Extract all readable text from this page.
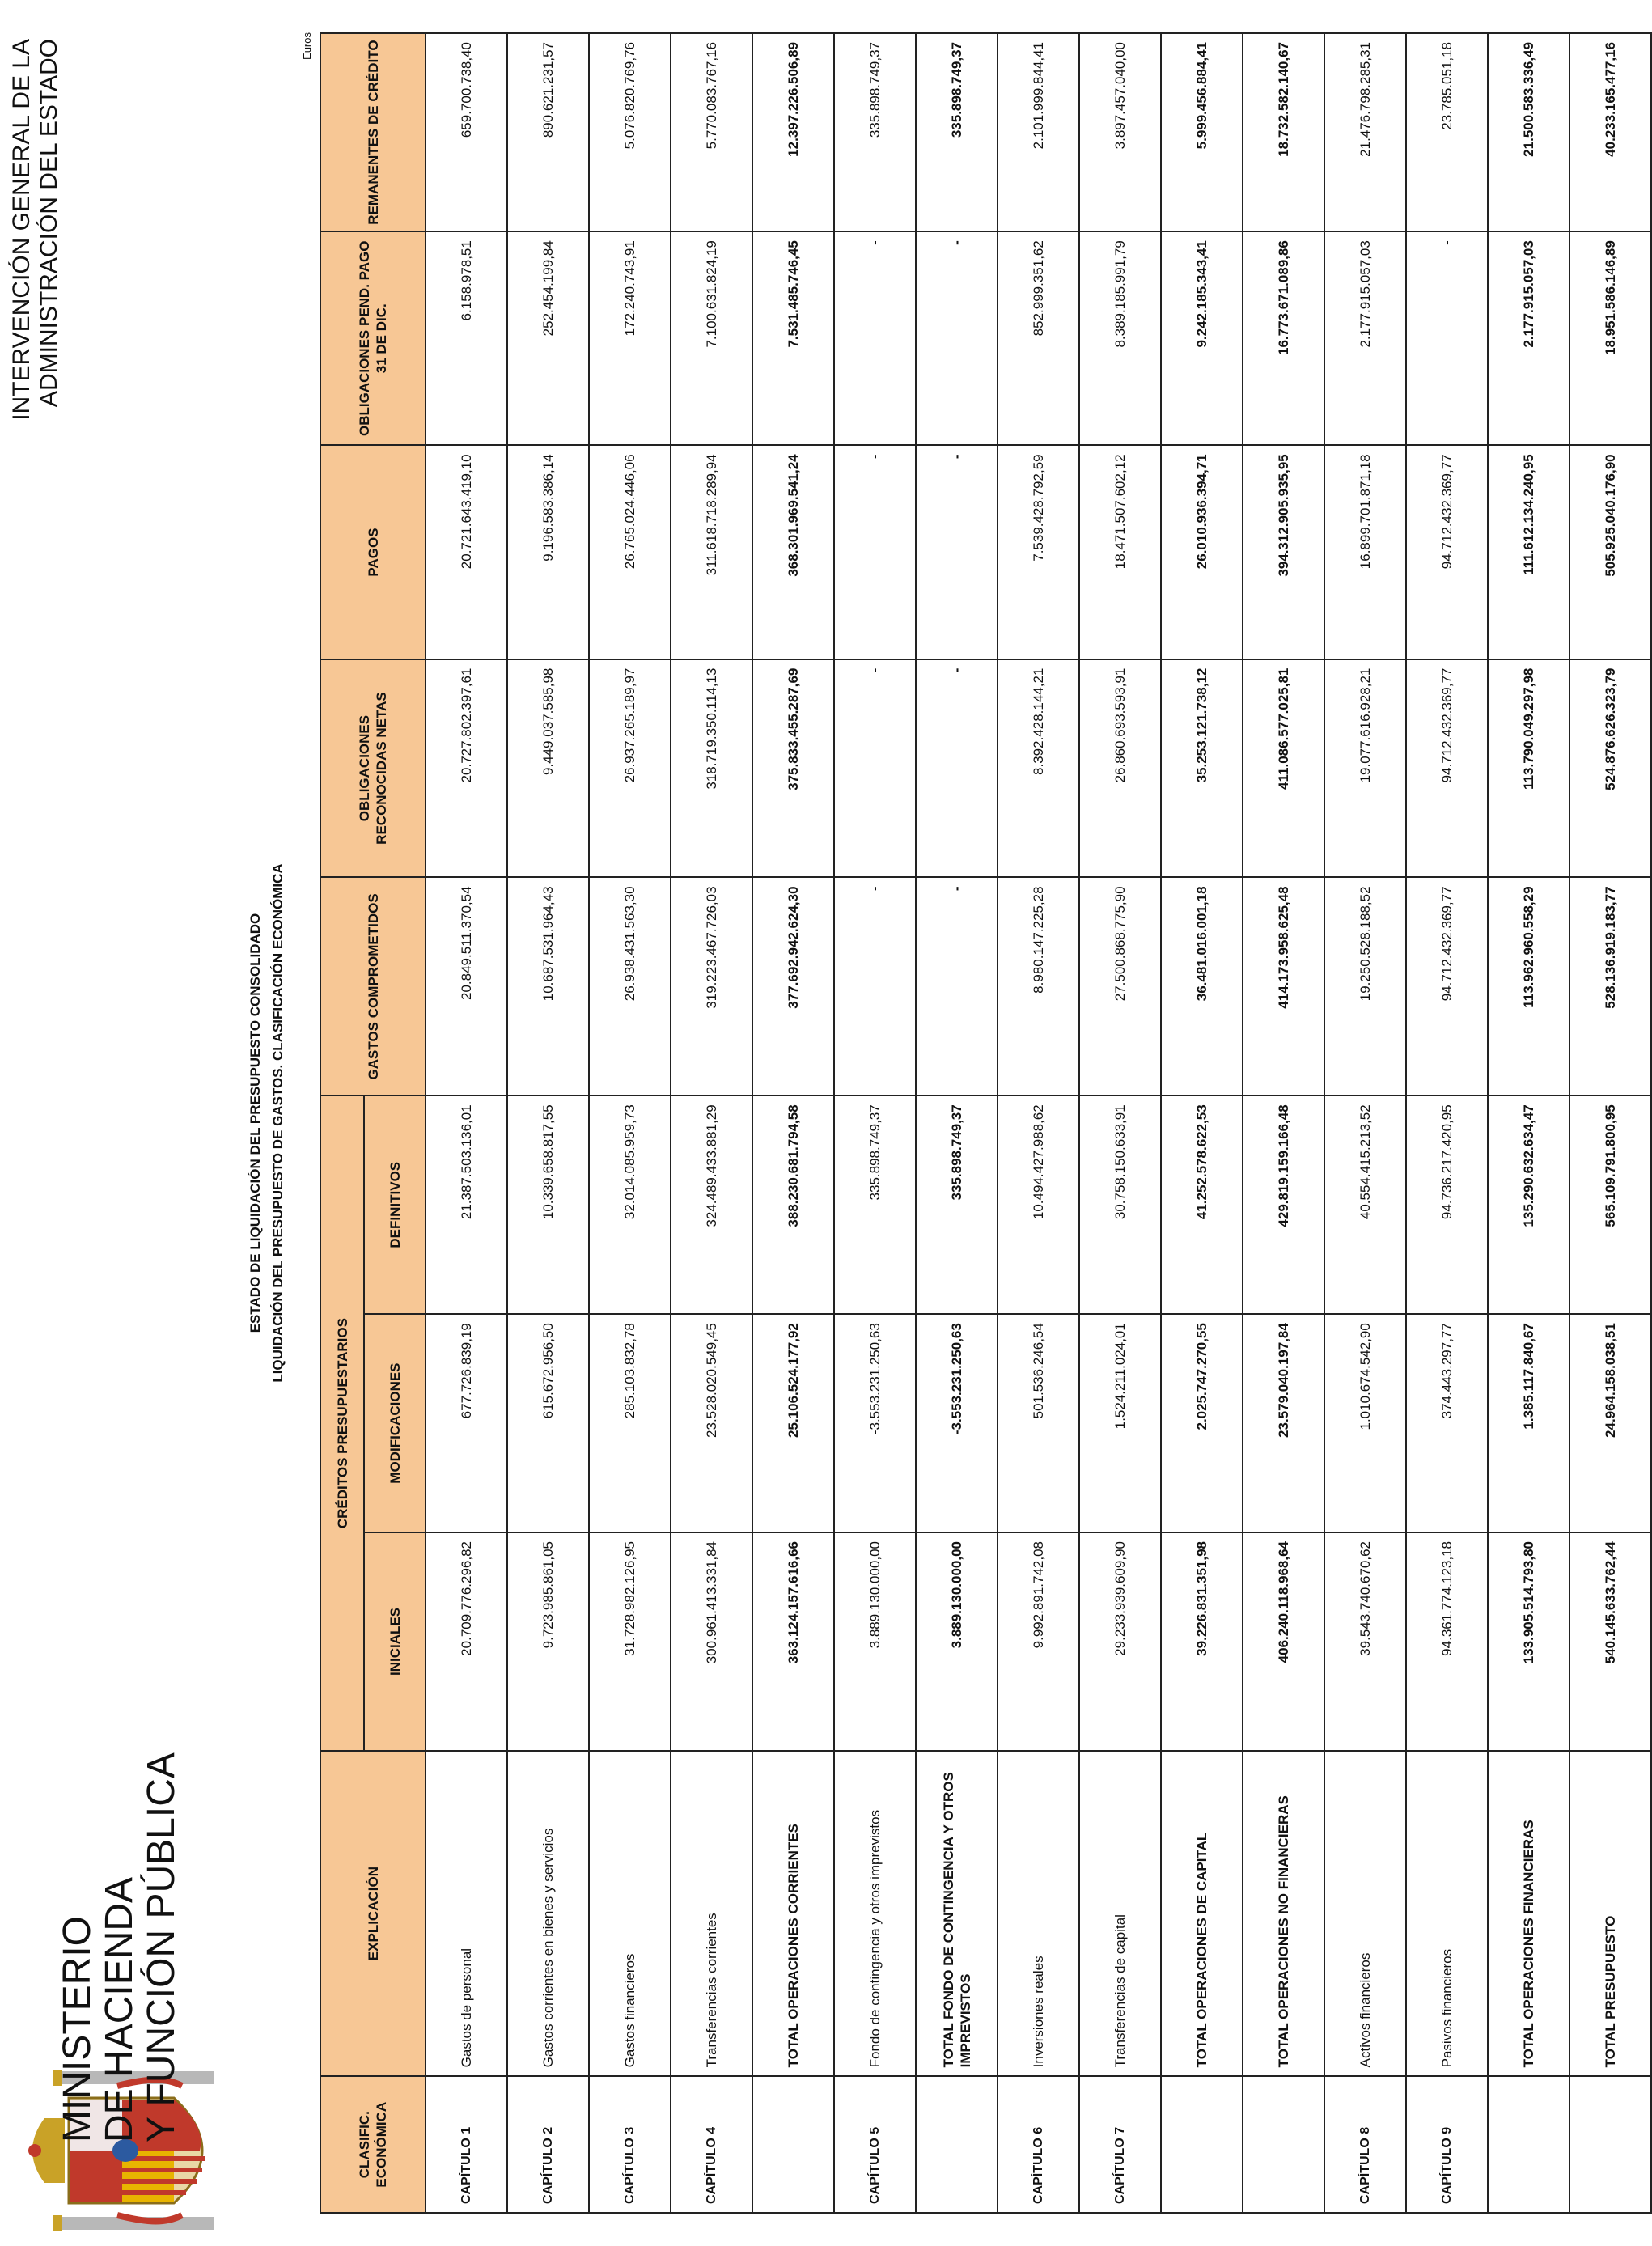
MINISTERIO DE HACIENDA Y FUNCIÓN PÚBLICA
INTERVENCIÓN GENERAL DE LA ADMINISTRACIÓN DEL ESTADO
ESTADO DE LIQUIDACIÓN DEL PRESUPUESTO CONSOLIDADO LIQUIDACIÓN DEL PRESUPUESTO DE GASTOS. CLASIFICACIÓN ECONÓMICA
Euros
CLASIFIC. ECONÓMICA	EXPLICACIÓN	CRÉDITOS PRESUPUESTARIOS			GASTOS COMPROMETIDOS	OBLIGACIONES RECONOCIDAS NETAS	PAGOS	OBLIGACIONES PEND. PAGO 31 DE DIC.	REMANENTES DE CRÉDITO
		INICIALES	MODIFICACIONES	DEFINITIVOS					
CAPÍTULO 1	Gastos de personal	20.709.776.296,82	677.726.839,19	21.387.503.136,01	20.849.511.370,54	20.727.802.397,61	20.721.643.419,10	6.158.978,51	659.700.738,40
CAPÍTULO 2	Gastos corrientes en bienes y servicios	9.723.985.861,05	615.672.956,50	10.339.658.817,55	10.687.531.964,43	9.449.037.585,98	9.196.583.386,14	252.454.199,84	890.621.231,57
CAPÍTULO 3	Gastos financieros	31.728.982.126,95	285.103.832,78	32.014.085.959,73	26.938.431.563,30	26.937.265.189,97	26.765.024.446,06	172.240.743,91	5.076.820.769,76
CAPÍTULO 4	Transferencias corrientes	300.961.413.331,84	23.528.020.549,45	324.489.433.881,29	319.223.467.726,03	318.719.350.114,13	311.618.718.289,94	7.100.631.824,19	5.770.083.767,16
	TOTAL OPERACIONES CORRIENTES	363.124.157.616,66	25.106.524.177,92	388.230.681.794,58	377.692.942.624,30	375.833.455.287,69	368.301.969.541,24	7.531.485.746,45	12.397.226.506,89
CAPÍTULO 5	Fondo de contingencia y otros imprevistos	3.889.130.000,00	-3.553.231.250,63	335.898.749,37	-	-	-	-	335.898.749,37
	TOTAL FONDO DE CONTINGENCIA Y OTROS IMPREVISTOS	3.889.130.000,00	-3.553.231.250,63	335.898.749,37	-	-	-	-	335.898.749,37
CAPÍTULO 6	Inversiones reales	9.992.891.742,08	501.536.246,54	10.494.427.988,62	8.980.147.225,28	8.392.428.144,21	7.539.428.792,59	852.999.351,62	2.101.999.844,41
CAPÍTULO 7	Transferencias de capital	29.233.939.609,90	1.524.211.024,01	30.758.150.633,91	27.500.868.775,90	26.860.693.593,91	18.471.507.602,12	8.389.185.991,79	3.897.457.040,00
	TOTAL OPERACIONES DE CAPITAL	39.226.831.351,98	2.025.747.270,55	41.252.578.622,53	36.481.016.001,18	35.253.121.738,12	26.010.936.394,71	9.242.185.343,41	5.999.456.884,41
	TOTAL OPERACIONES NO FINANCIERAS	406.240.118.968,64	23.579.040.197,84	429.819.159.166,48	414.173.958.625,48	411.086.577.025,81	394.312.905.935,95	16.773.671.089,86	18.732.582.140,67
CAPÍTULO 8	Activos financieros	39.543.740.670,62	1.010.674.542,90	40.554.415.213,52	19.250.528.188,52	19.077.616.928,21	16.899.701.871,18	2.177.915.057,03	21.476.798.285,31
CAPÍTULO 9	Pasivos financieros	94.361.774.123,18	374.443.297,77	94.736.217.420,95	94.712.432.369,77	94.712.432.369,77	94.712.432.369,77	-	23.785.051,18
	TOTAL OPERACIONES FINANCIERAS	133.905.514.793,80	1.385.117.840,67	135.290.632.634,47	113.962.960.558,29	113.790.049.297,98	111.612.134.240,95	2.177.915.057,03	21.500.583.336,49
	TOTAL PRESUPUESTO	540.145.633.762,44	24.964.158.038,51	565.109.791.800,95	528.136.919.183,77	524.876.626.323,79	505.925.040.176,90	18.951.586.146,89	40.233.165.477,16
